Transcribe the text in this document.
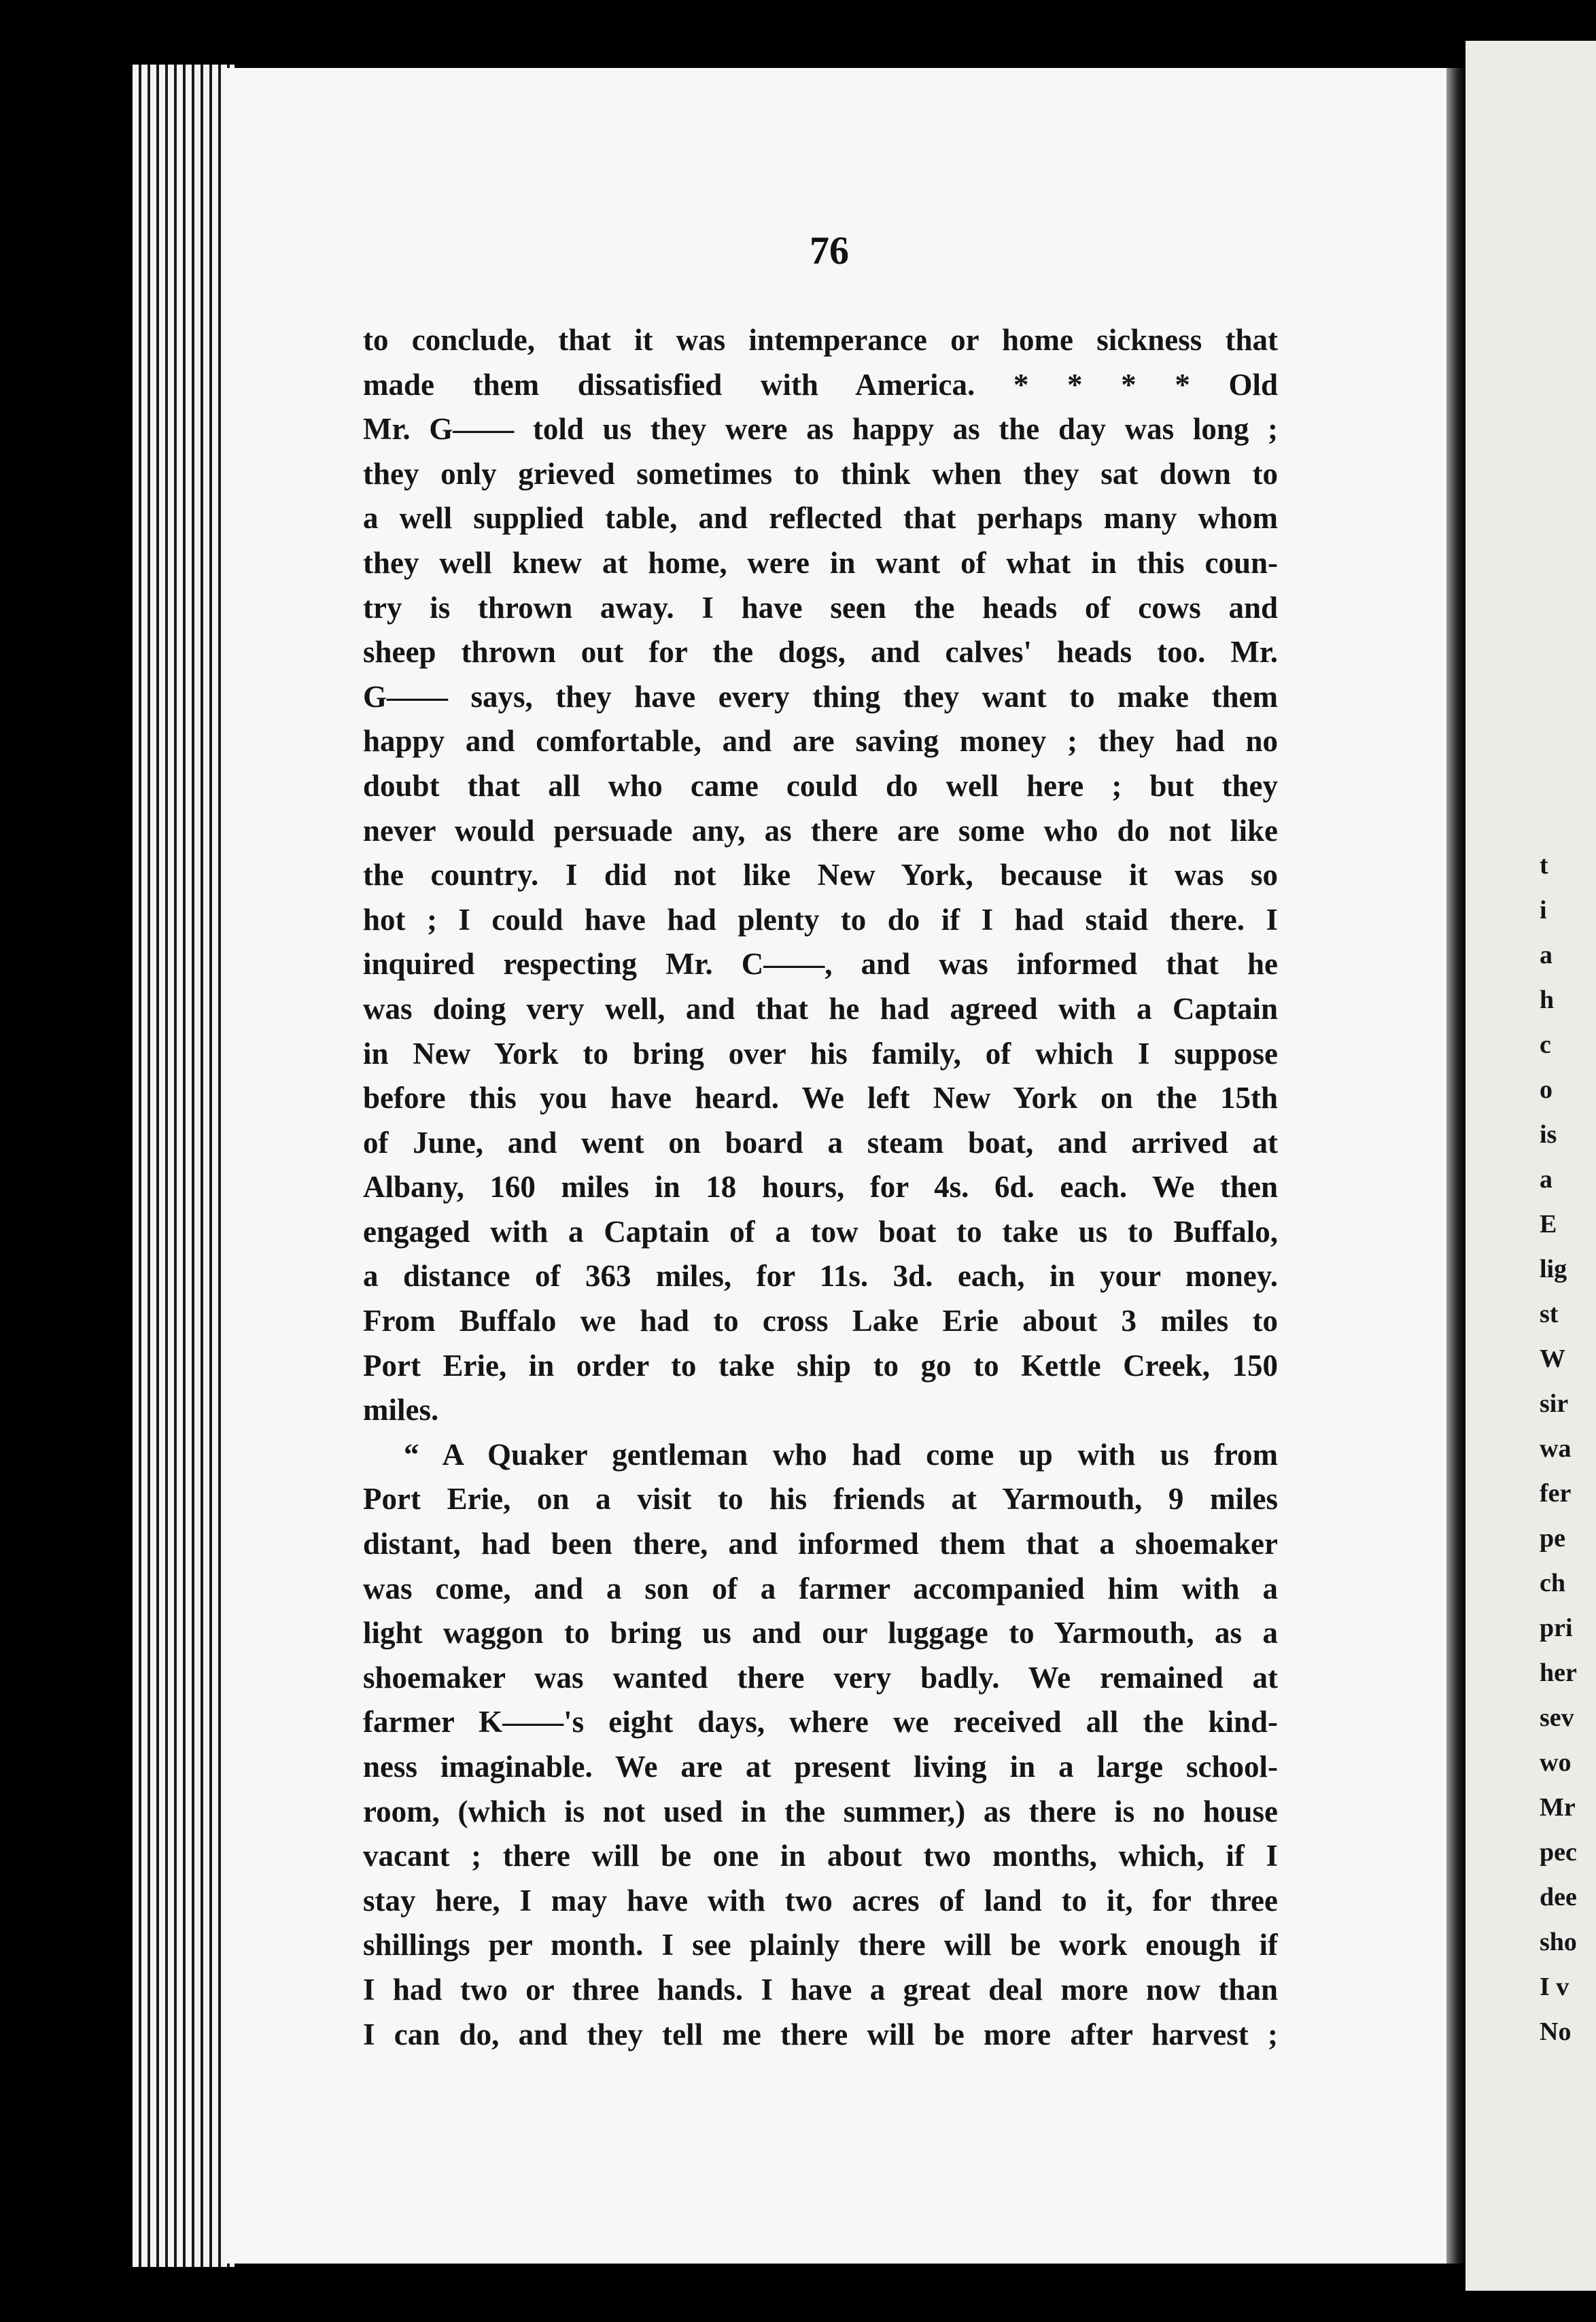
76
to conclude, that it was intemperance or home sickness that
made them dissatisfied with America. * * * * Old
Mr. G—— told us they were as happy as the day was long ;
they only grieved sometimes to think when they sat down to
a well supplied table, and reflected that perhaps many whom
they well knew at home, were in want of what in this coun-
try is thrown away. I have seen the heads of cows and
sheep thrown out for the dogs, and calves' heads too. Mr.
G—— says, they have every thing they want to make them
happy and comfortable, and are saving money ; they had no
doubt that all who came could do well here ; but they
never would persuade any, as there are some who do not like
the country. I did not like New York, because it was so
hot ; I could have had plenty to do if I had staid there. I
inquired respecting Mr. C——, and was informed that he
was doing very well, and that he had agreed with a Captain
in New York to bring over his family, of which I suppose
before this you have heard. We left New York on the 15th
of June, and went on board a steam boat, and arrived at
Albany, 160 miles in 18 hours, for 4s. 6d. each. We then
engaged with a Captain of a tow boat to take us to Buffalo,
a distance of 363 miles, for 11s. 3d. each, in your money.
From Buffalo we had to cross Lake Erie about 3 miles to
Port Erie, in order to take ship to go to Kettle Creek, 150
miles.
“ A Quaker gentleman who had come up with us from
Port Erie, on a visit to his friends at Yarmouth, 9 miles
distant, had been there, and informed them that a shoemaker
was come, and a son of a farmer accompanied him with a
light waggon to bring us and our luggage to Yarmouth, as a
shoemaker was wanted there very badly. We remained at
farmer K——'s eight days, where we received all the kind-
ness imaginable. We are at present living in a large school-
room, (which is not used in the summer,) as there is no house
vacant ; there will be one in about two months, which, if I
stay here, I may have with two acres of land to it, for three
shillings per month. I see plainly there will be work enough if
I had two or three hands. I have a great deal more now than
I can do, and they tell me there will be more after harvest ;
t
i
a
h
c
o
is
a
E
lig
st
W
sir
wa
fer
pe
ch
pri
her
sev
wo
Mr
pec
dee
sho
I v
No
